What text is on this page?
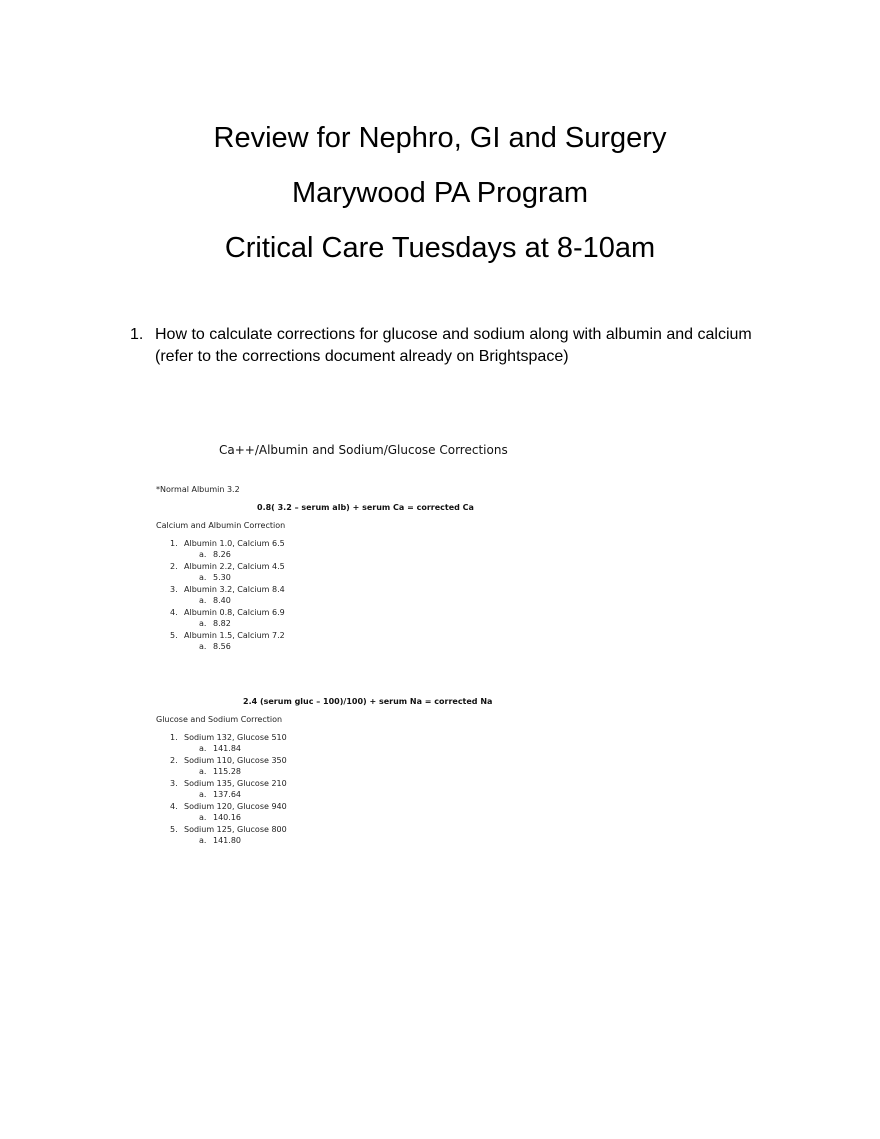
Review for Nephro, GI and Surgery
Marywood PA Program
Critical Care Tuesdays at 8-10am
1. How to calculate corrections for glucose and sodium along with albumin and calcium (refer to the corrections document already on Brightspace)
Ca++/Albumin and Sodium/Glucose Corrections
*Normal Albumin 3.2
0.8( 3.2 – serum alb) + serum Ca = corrected Ca
Calcium and Albumin Correction
1. Albumin 1.0, Calcium 6.5
a. 8.26
2. Albumin 2.2, Calcium 4.5
a. 5.30
3. Albumin 3.2, Calcium 8.4
a. 8.40
4. Albumin 0.8, Calcium 6.9
a. 8.82
5. Albumin 1.5, Calcium 7.2
a. 8.56
2.4 (serum gluc – 100)/100) + serum Na = corrected Na
Glucose and Sodium Correction
1. Sodium 132, Glucose 510
a. 141.84
2. Sodium 110, Glucose 350
a. 115.28
3. Sodium 135, Glucose 210
a. 137.64
4. Sodium 120, Glucose 940
a. 140.16
5. Sodium 125, Glucose 800
a. 141.80
